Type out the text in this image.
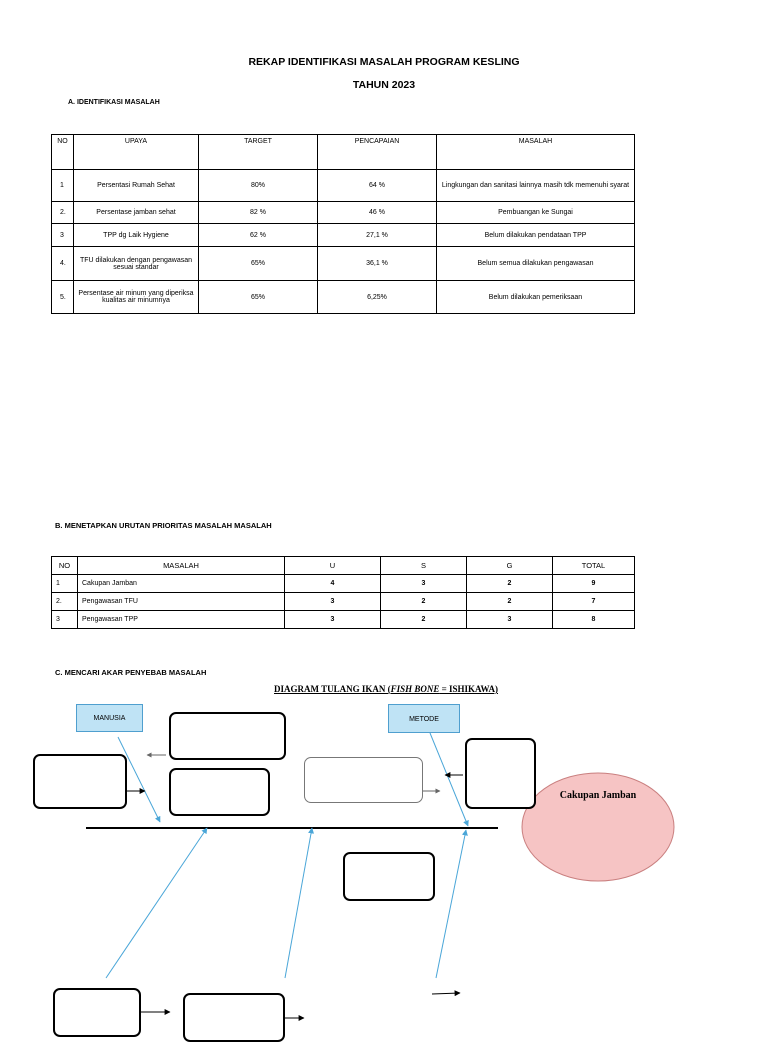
REKAP IDENTIFIKASI MASALAH PROGRAM KESLING
TAHUN 2023
A. IDENTIFIKASI MASALAH
NO	UPAYA	TARGET	PENCAPAIAN	MASALAH
1	Persentasi Rumah Sehat	80%	64 %	Lingkungan dan sanitasi lainnya masih tdk memenuhi syarat
2.	Persentase jamban sehat	82 %	46 %	Pembuangan ke Sungai
3	TPP dg Laik Hygiene	62 %	27,1 %	Belum dilakukan pendataan TPP
4.	TFU dilakukan dengan pengawasan sesuai standar	65%	36,1 %	Belum semua dilakukan pengawasan
5.	Persentase air minum yang diperiksa kualitas air minumnya	65%	6,25%	Belum dilakukan pemeriksaan
B. MENETAPKAN URUTAN PRIORITAS MASALAH MASALAH
NO	MASALAH	U	S	G	TOTAL
1	Cakupan Jamban	4	3	2	9
2.	Pengawasan TFU	3	2	2	7
3	Pengawasan TPP	3	2	3	8
C. MENCARI AKAR PENYEBAB MASALAH
DIAGRAM TULANG IKAN (FISH BONE = ISHIKAWA)
MANUSIA	METODE
Cakupan Jamban
